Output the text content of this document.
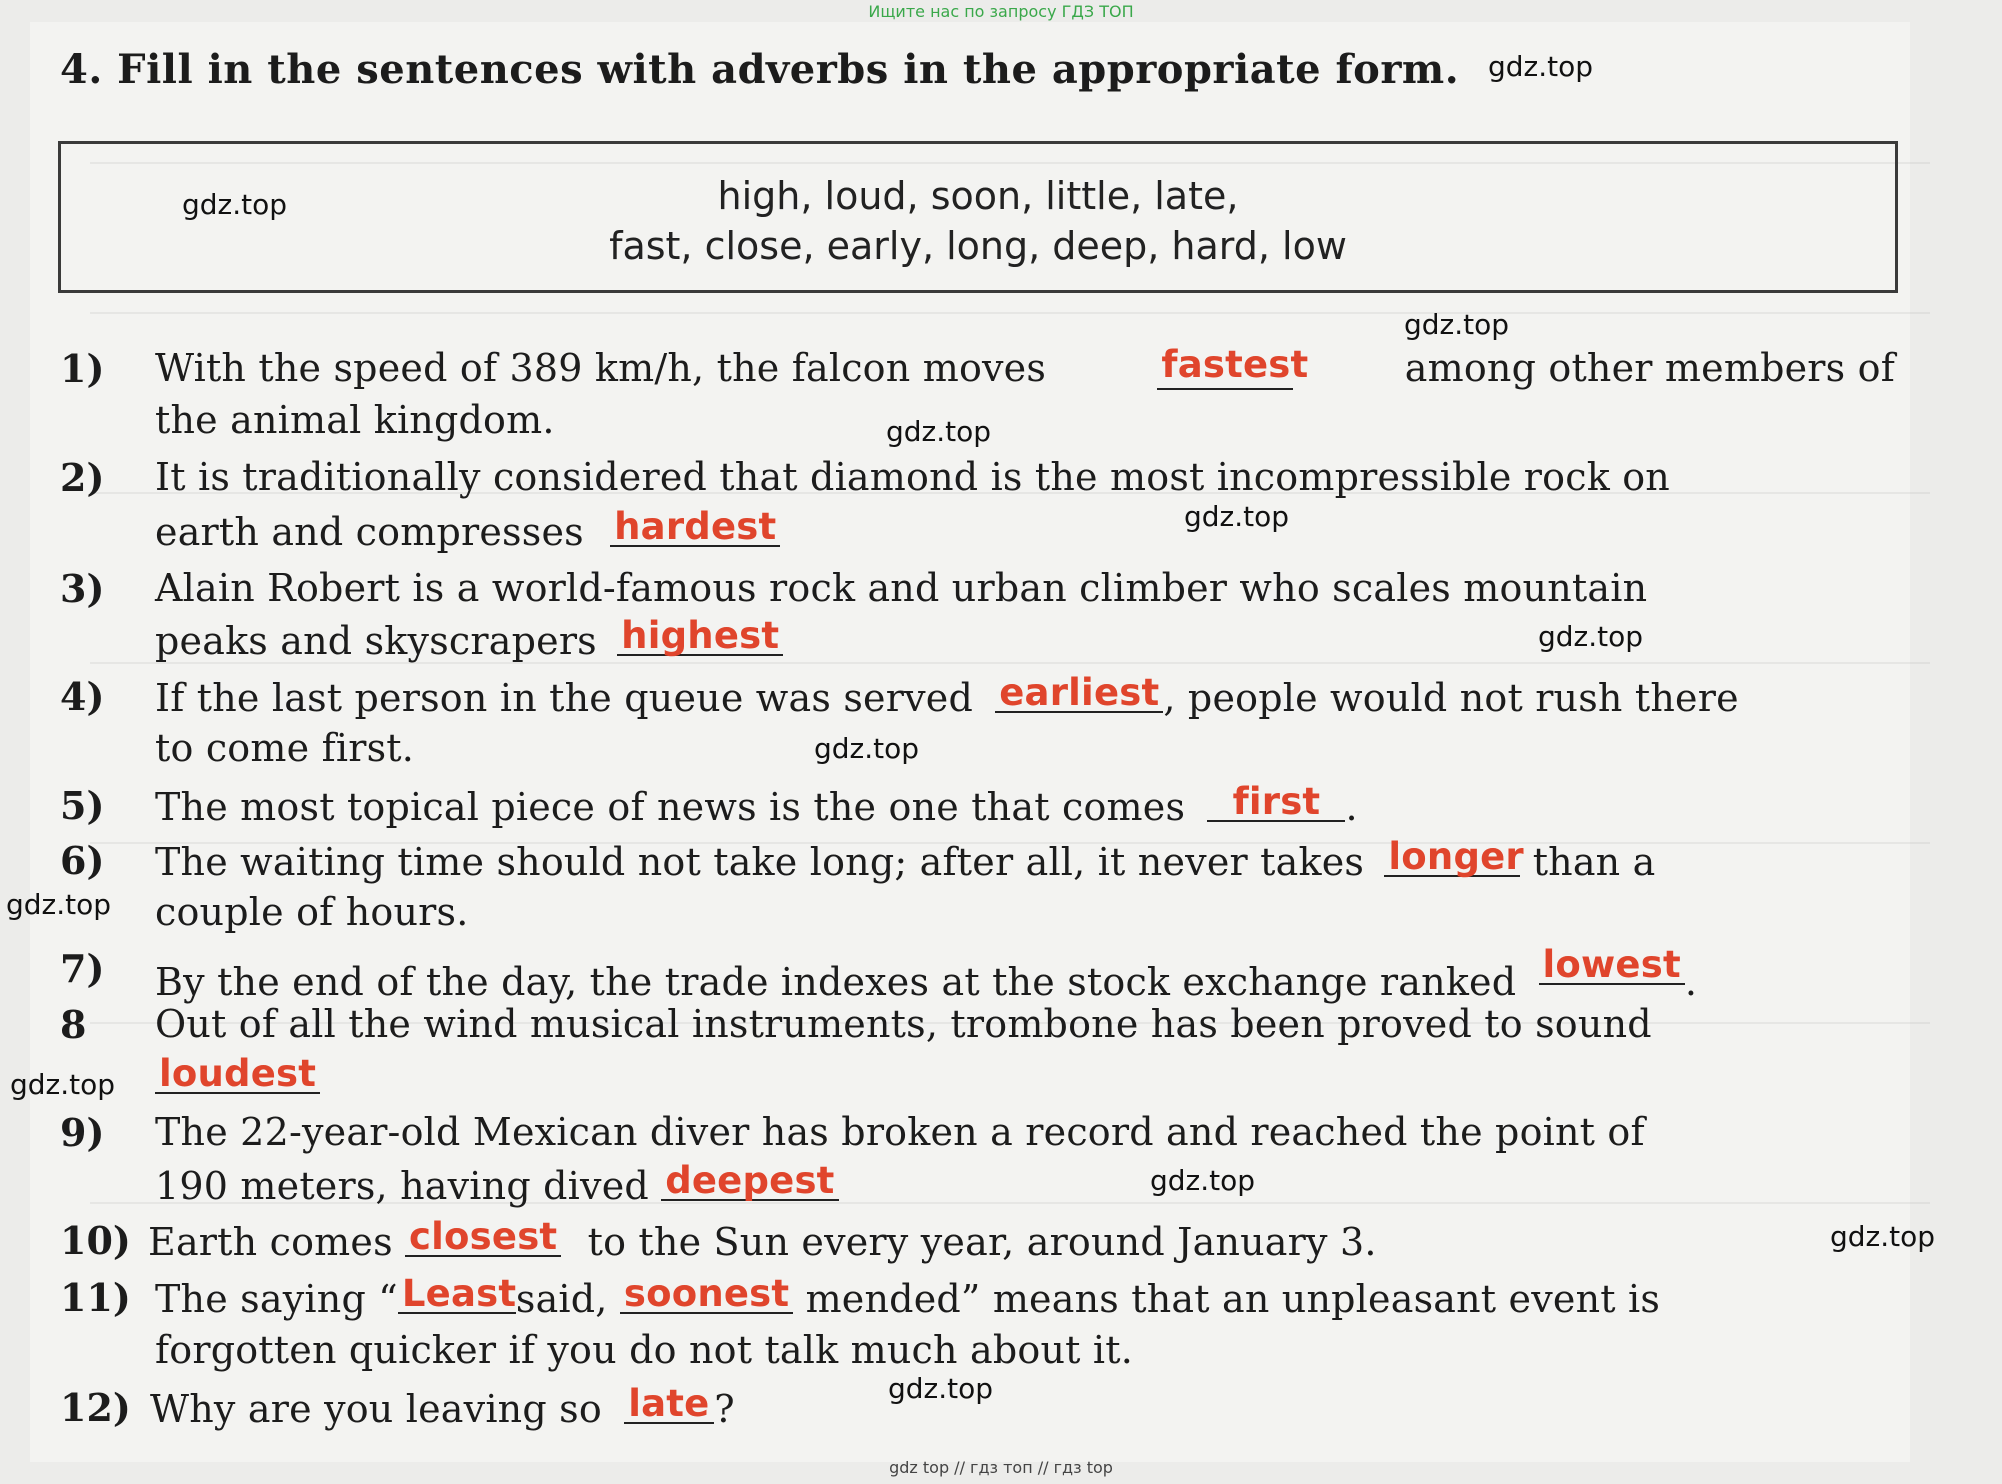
Ищите нас по запросу ГДЗ ТОП
4. Fill in the sentences with adverbs in the appropriate form.
high, loud, soon, little, late,
fast, close, early, long, deep, hard, low
1) With the speed of 389 km/h, the falcon moves	fastest	among other members of
the animal kingdom.
2) It is traditionally considered that diamond is the most incompressible rock on
earth and compresses hardest
3) Alain Robert is a world-famous rock and urban climber who scales mountain
peaks and skyscrapers highest
4) If the last person in the queue was served earliest , people would not rush there
to come first.
5) The most topical piece of news is the one that comes first .
6) The waiting time should not take long; after all, it never takes longer than a
couple of hours.
7) By the end of the day, the trade indexes at the stock exchange ranked lowest .
8 Out of all the wind musical instruments, trombone has been proved to sound
loudest
9) The 22-year-old Mexican diver has broken a record and reached the point of
190 meters, having dived deepest
10) Earth comes closest to the Sun every year, around January 3.
11) The saying “ Leastsaid, soonest mended” means that an unpleasant event is
forgotten quicker if you do not talk much about it.
12) Why are you leaving so late ?
gdz.top
gdz.top
gdz.top
gdz.top
gdz.top
gdz.top
gdz.top
gdz.top
gdz.top
gdz.top
gdz.top
gdz.top
gdz top // гдз топ // гдз top
